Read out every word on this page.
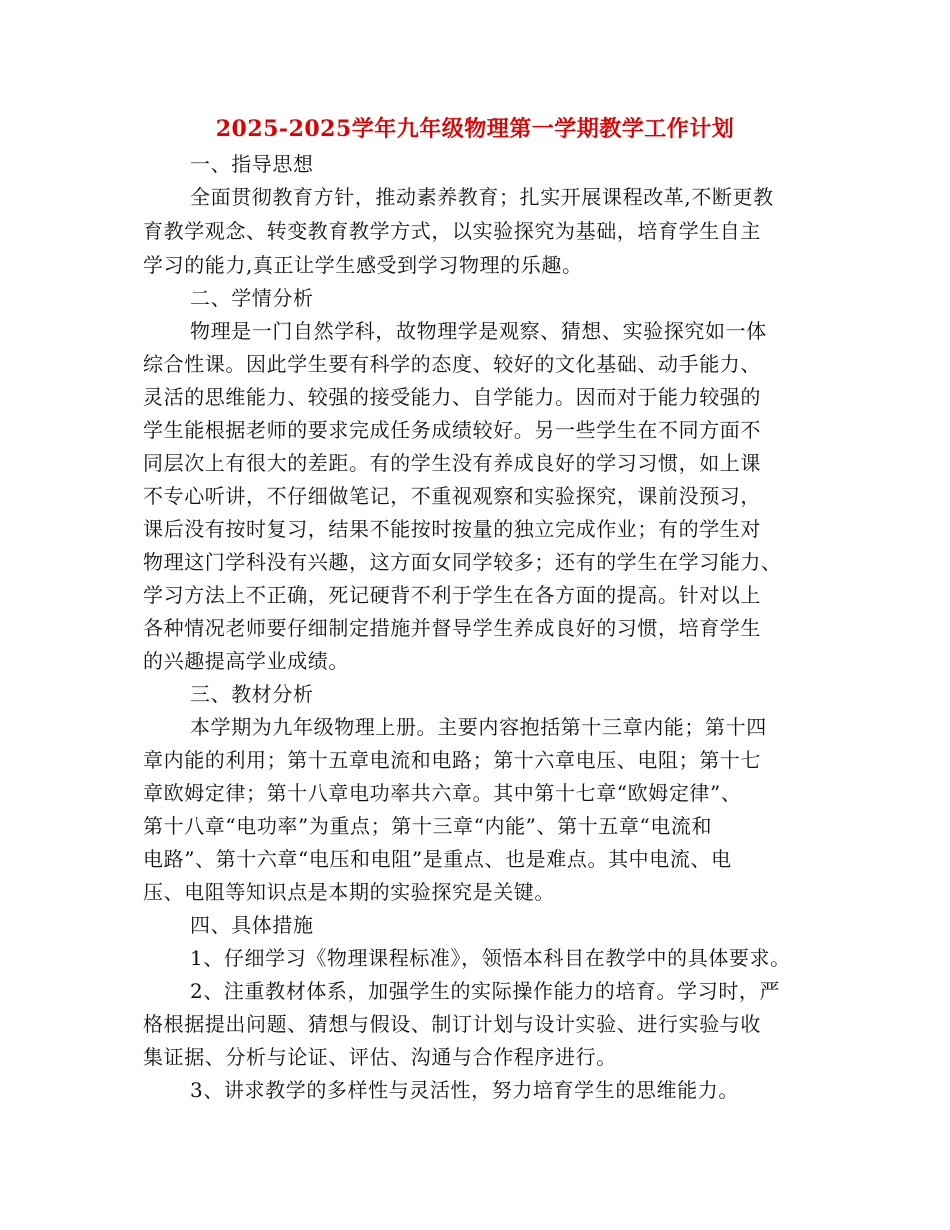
2025-2025学年九年级物理第一学期教学工作计划
一、指导思想
全面贯彻教育方针，推动素养教育；扎实开展课程改革,不断更教
育教学观念、转变教育教学方式，以实验探究为基础，培育学生自主
学习的能力,真正让学生感受到学习物理的乐趣。
二、学情分析
物理是一门自然学科，故物理学是观察、猜想、实验探究如一体
综合性课。因此学生要有科学的态度、较好的文化基础、动手能力、
灵活的思维能力、较强的接受能力、自学能力。因而对于能力较强的
学生能根据老师的要求完成任务成绩较好。另一些学生在不同方面不
同层次上有很大的差距。有的学生没有养成良好的学习习惯，如上课
不专心听讲，不仔细做笔记，不重视观察和实验探究，课前没预习，
课后没有按时复习，结果不能按时按量的独立完成作业；有的学生对
物理这门学科没有兴趣，这方面女同学较多；还有的学生在学习能力、
学习方法上不正确，死记硬背不利于学生在各方面的提高。针对以上
各种情况老师要仔细制定措施并督导学生养成良好的习惯，培育学生
的兴趣提高学业成绩。
三、教材分析
本学期为九年级物理上册。主要内容抱括第十三章内能；第十四
章内能的利用；第十五章电流和电路；第十六章电压、电阻；第十七
章欧姆定律；第十八章电功率共六章。其中第十七章“欧姆定律”、
第十八章“电功率”为重点；第十三章“内能”、第十五章“电流和
电路”、第十六章“电压和电阻”是重点、也是难点。其中电流、电
压、电阻等知识点是本期的实验探究是关键。
四、具体措施
1、仔细学习《物理课程标准》，领悟本科目在教学中的具体要求。
2、注重教材体系，加强学生的实际操作能力的培育。学习时，严
格根据提出问题、猜想与假设、制订计划与设计实验、进行实验与收
集证据、分析与论证、评估、沟通与合作程序进行。
3、讲求教学的多样性与灵活性，努力培育学生的思维能力。
